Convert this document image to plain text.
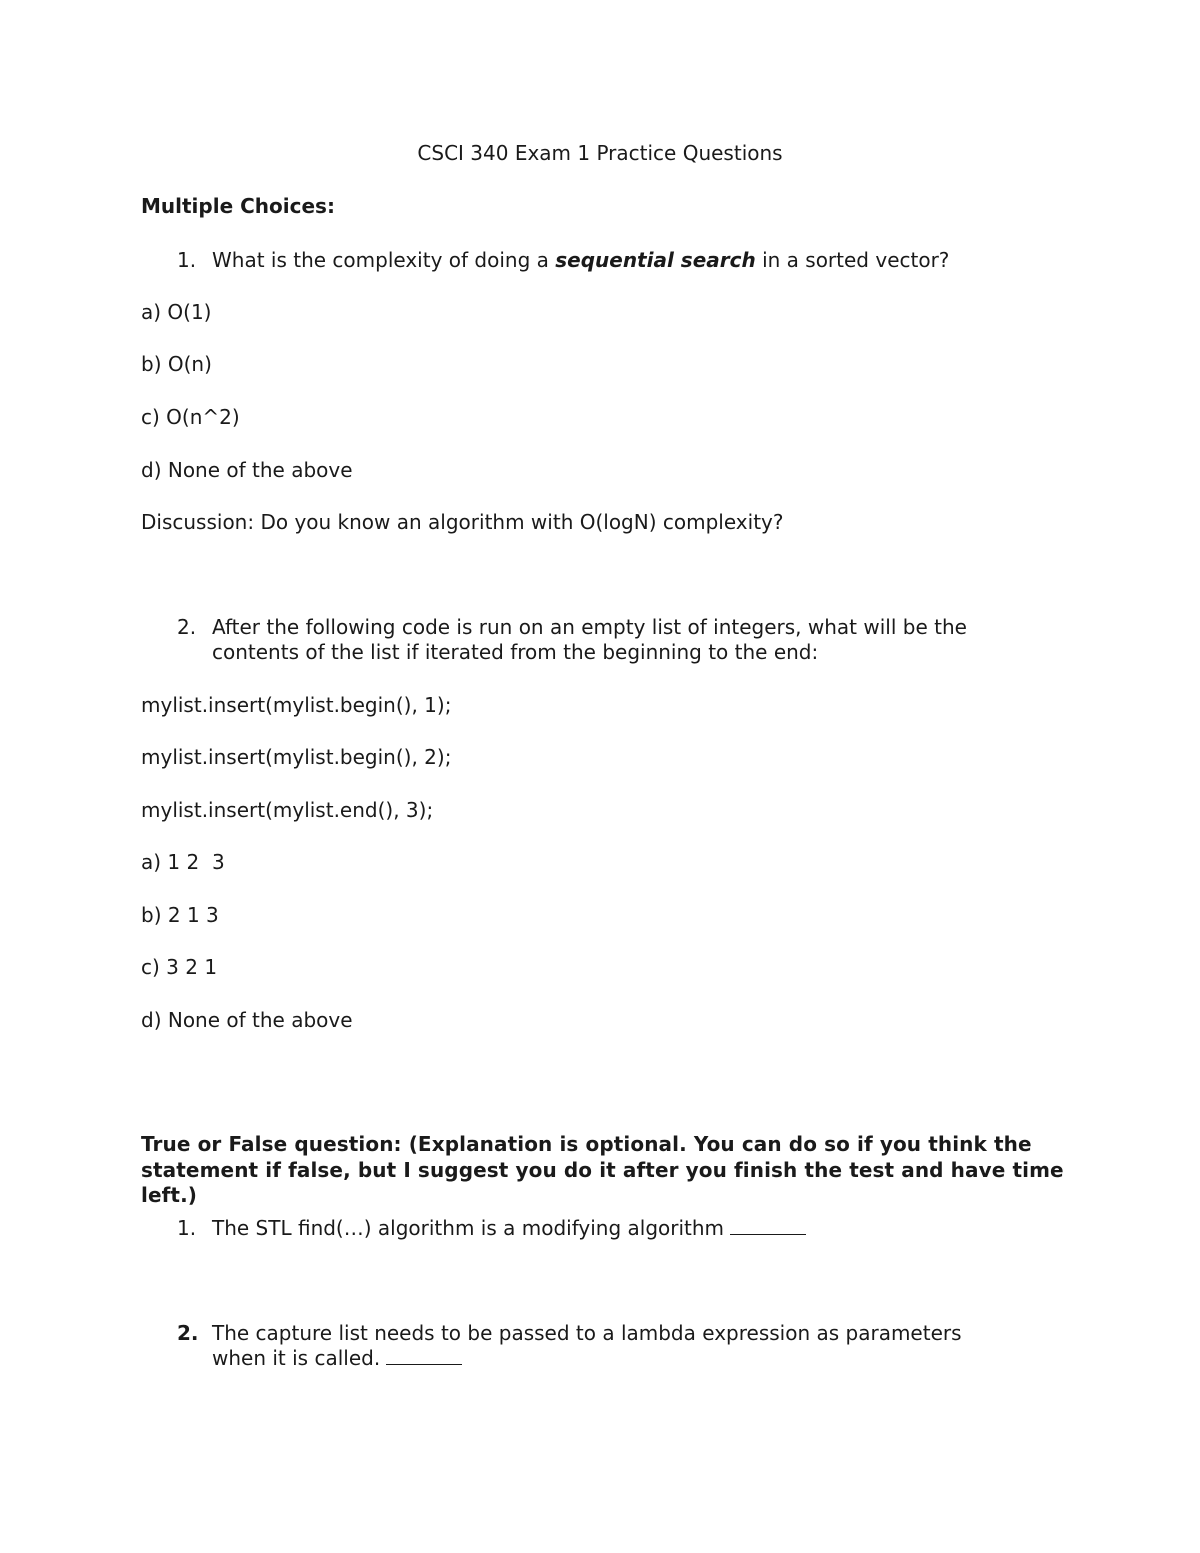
CSCI 340 Exam 1 Practice Questions

Multiple Choices:

1. What is the complexity of doing a sequential search in a sorted vector?

a) O(1)

b) O(n)

c) O(n^2)

d) None of the above

Discussion: Do you know an algorithm with O(logN) complexity?

2. After the following code is run on an empty list of integers, what will be the
contents of the list if iterated from the beginning to the end:

mylist.insert(mylist.begin(), 1);

mylist.insert(mylist.begin(), 2);

mylist.insert(mylist.end(), 3);

a) 1 2  3

b) 2 1 3

c) 3 2 1

d) None of the above

True or False question: (Explanation is optional. You can do so if you think the statement if false, but I suggest you do it after you finish the test and have time left.)

1. The STL find(…) algorithm is a modifying algorithm
2. The capture list needs to be passed to a lambda expression as parameters
when it is called.
